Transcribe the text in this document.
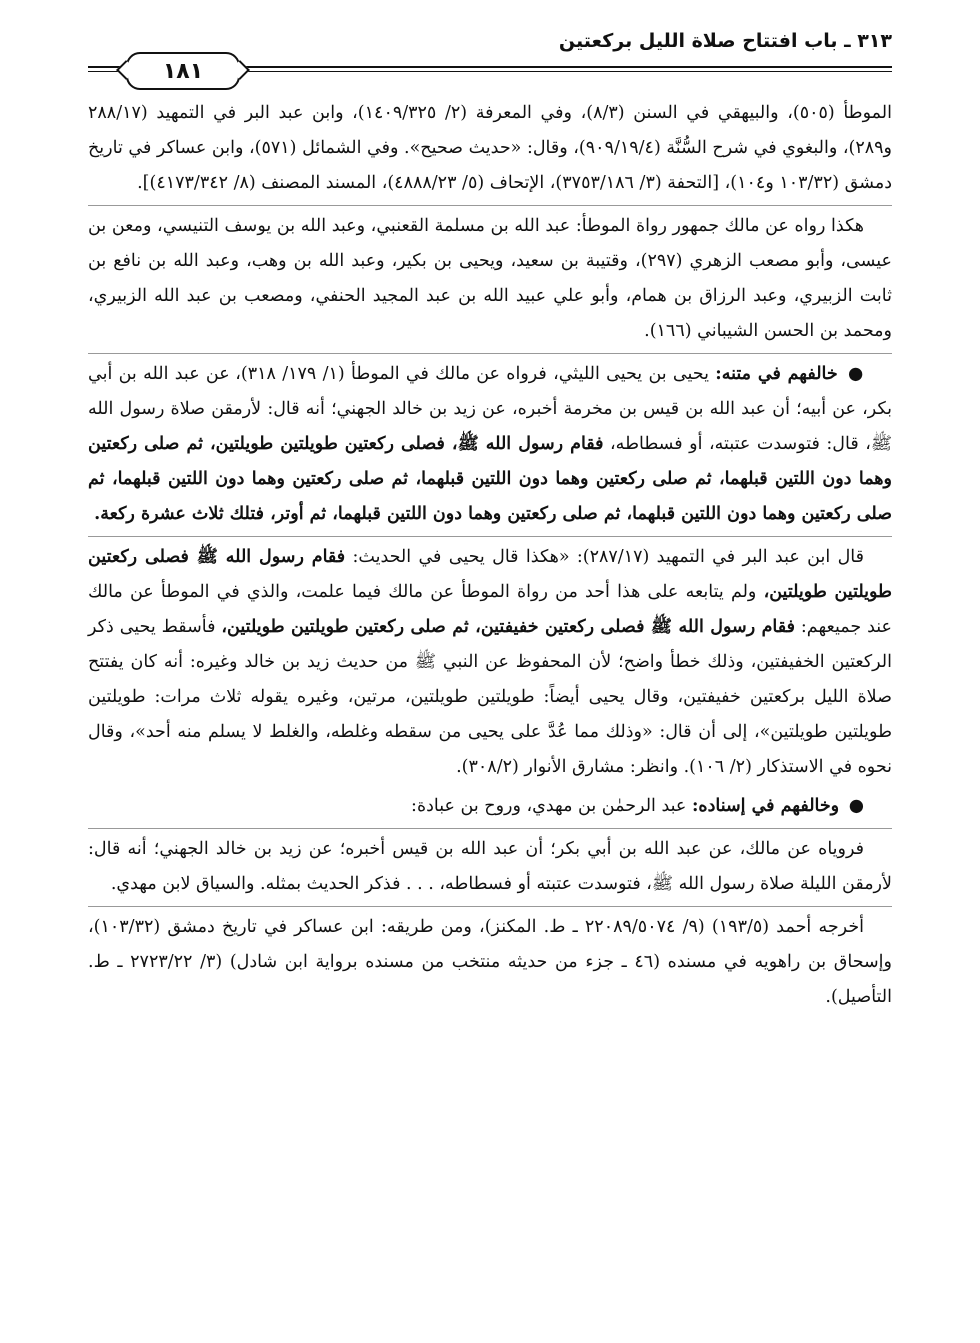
٣١٣ ـ باب افتتاح صلاة الليل بركعتين
١٨١

الموطأ (٥٠٥)، والبيهقي في السنن (٨/٣)، وفي المعرفة (٢/ ١٤٠٩/٣٢٥)، وابن عبد البر في التمهيد (٢٨٨/١٧ و٢٨٩)، والبغوي في شرح السُّنَّة (٩٠٩/١٩/٤)، وقال: «حديث صحيح». وفي الشمائل (٥٧١)، وابن عساكر في تاريخ دمشق (١٠٣/٣٢ و١٠٤)، [التحفة (٣/ ٣٧٥٣/١٨٦)، الإتحاف (٥/ ٤٨٨٨/٢٣)، المسند المصنف (٨/ ٤١٧٣/٣٤٢)].

هكذا رواه عن مالك جمهور رواة الموطأ: عبد الله بن مسلمة القعنبي، وعبد الله بن يوسف التنيسي، ومعن بن عيسى، وأبو مصعب الزهري (٢٩٧)، وقتيبة بن سعيد، ويحيى بن بكير، وعبد الله بن وهب، وعبد الله بن نافع بن ثابت الزبيري، وعبد الرزاق بن همام، وأبو علي عبيد الله بن عبد المجيد الحنفي، ومصعب بن عبد الله الزبيري، ومحمد بن الحسن الشيباني (١٦٦).

● خالفهم في متنه: يحيى بن يحيى الليثي، فرواه عن مالك في الموطأ (١/ ١٧٩/ ٣١٨)، عن عبد الله بن أبي بكر، عن أبيه؛ أن عبد الله بن قيس بن مخرمة أخبره، عن زيد بن خالد الجهني؛ أنه قال: لأرمقن صلاة رسول الله ﷺ، قال: فتوسدت عتبته، أو فسطاطه، فقام رسول الله ﷺ، فصلى ركعتين طويلتين طويلتين، ثم صلى ركعتين وهما دون اللتين قبلهما، ثم صلى ركعتين وهما دون اللتين قبلهما، ثم صلى ركعتين وهما دون اللتين قبلهما، ثم صلى ركعتين وهما دون اللتين قبلهما، ثم صلى ركعتين وهما دون اللتين قبلهما، ثم أوتر، فتلك ثلاث عشرة ركعة.

قال ابن عبد البر في التمهيد (٢٨٧/١٧): «هكذا قال يحيى في الحديث: فقام رسول الله ﷺ فصلى ركعتين طويلتين طويلتين، ولم يتابعه على هذا أحد من رواة الموطأ عن مالك فيما علمت، والذي في الموطأ عن مالك عند جميعهم: فقام رسول الله ﷺ فصلى ركعتين خفيفتين، ثم صلى ركعتين طويلتين طويلتين، فأسقط يحيى ذكر الركعتين الخفيفتين، وذلك خطأ واضح؛ لأن المحفوظ عن النبي ﷺ من حديث زيد بن خالد وغيره: أنه كان يفتتح صلاة الليل بركعتين خفيفتين، وقال يحيى أيضاً: طويلتين طويلتين، مرتين، وغيره يقوله ثلاث مرات: طويلتين طويلتين طويلتين»، إلى أن قال: «وذلك مما عُدَّ على يحيى من سقطه وغلطه، والغلط لا يسلم منه أحد»، وقال نحوه في الاستذكار (٢/ ١٠٦). وانظر: مشارق الأنوار (٣٠٨/٢).

● وخالفهم في إسناده: عبد الرحمٰن بن مهدي، وروح بن عبادة:

فروياه عن مالك، عن عبد الله بن أبي بكر؛ أن عبد الله بن قيس أخبره؛ عن زيد بن خالد الجهني؛ أنه قال: لأرمقن الليلة صلاة رسول الله ﷺ، فتوسدت عتبته أو فسطاطه، . . . فذكر الحديث بمثله. والسياق لابن مهدي.

أخرجه أحمد (١٩٣/٥) (٩/ ٢٢٠٨٩/٥٠٧٤ ـ ط. المكنز)، ومن طريقه: ابن عساكر في تاريخ دمشق (١٠٣/٣٢)، وإسحاق بن راهويه في مسنده (٤٦ ـ جزء من حديثه منتخب من مسنده برواية ابن شادل) (٣/ ٢٧٢٣/٢٢ ـ ط. التأصيل).
